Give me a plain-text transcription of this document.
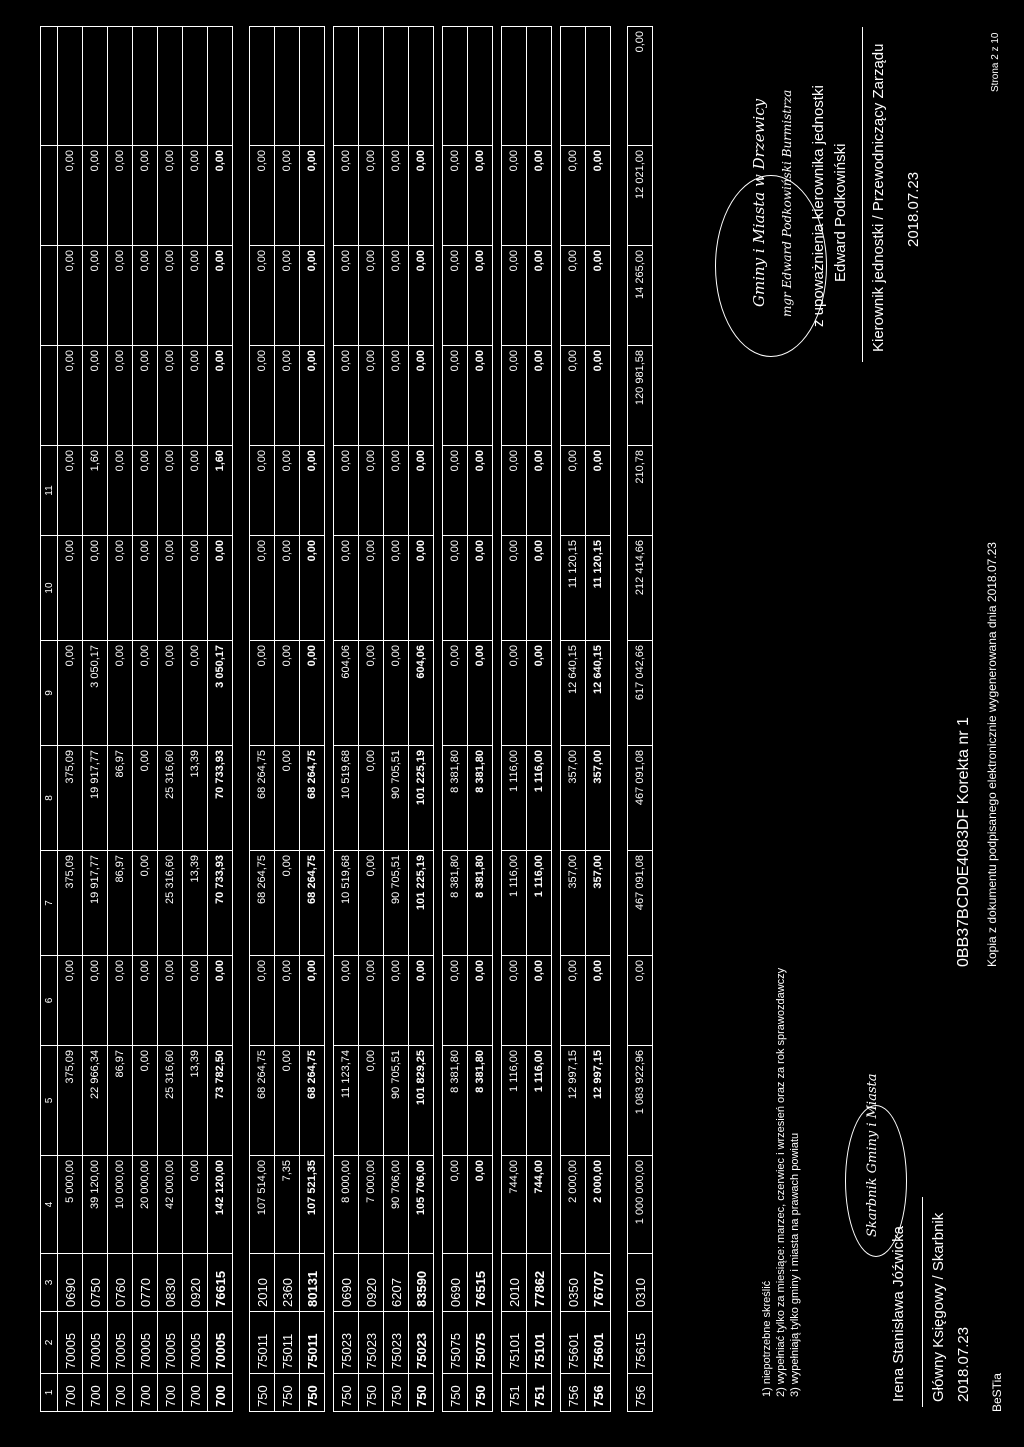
1	2	3	4	5	6	7	8	9	10	11				
700	70005	0690	5 000,00	375,09	0,00	375,09	375,09	0,00	0,00	0,00	0,00	0,00	0,00	
700	70005	0750	39 120,00	22 966,34	0,00	19 917,77	19 917,77	3 050,17	0,00	1,60	0,00	0,00	0,00	
700	70005	0760	10 000,00	86,97	0,00	86,97	86,97	0,00	0,00	0,00	0,00	0,00	0,00	
700	70005	0770	20 000,00	0,00	0,00	0,00	0,00	0,00	0,00	0,00	0,00	0,00	0,00	
700	70005	0830	42 000,00	25 316,60	0,00	25 316,60	25 316,60	0,00	0,00	0,00	0,00	0,00	0,00	
700	70005	0920	0,00	13,39	0,00	13,39	13,39	0,00	0,00	0,00	0,00	0,00	0,00	
700	70005	76615	142 120,00	73 782,50	0,00	70 733,93	70 733,93	3 050,17	0,00	1,60	0,00	0,00	0,00	

750	75011	2010	107 514,00	68 264,75	0,00	68 264,75	68 264,75	0,00	0,00	0,00	0,00	0,00	0,00	
750	75011	2360	7,35	0,00	0,00	0,00	0,00	0,00	0,00	0,00	0,00	0,00	0,00	
750	75011	80131	107 521,35	68 264,75	0,00	68 264,75	68 264,75	0,00	0,00	0,00	0,00	0,00	0,00	

750	75023	0690	8 000,00	11 123,74	0,00	10 519,68	10 519,68	604,06	0,00	0,00	0,00	0,00	0,00	
750	75023	0920	7 000,00	0,00	0,00	0,00	0,00	0,00	0,00	0,00	0,00	0,00	0,00	
750	75023	6207	90 706,00	90 705,51	0,00	90 705,51	90 705,51	0,00	0,00	0,00	0,00	0,00	0,00	
750	75023	83590	105 706,00	101 829,25	0,00	101 225,19	101 225,19	604,06	0,00	0,00	0,00	0,00	0,00	

750	75075	0690	0,00	8 381,80	0,00	8 381,80	8 381,80	0,00	0,00	0,00	0,00	0,00	0,00	
750	75075	76515	0,00	8 381,80	0,00	8 381,80	8 381,80	0,00	0,00	0,00	0,00	0,00	0,00	

751	75101	2010	744,00	1 116,00	0,00	1 116,00	1 116,00	0,00	0,00	0,00	0,00	0,00	0,00	
751	75101	77862	744,00	1 116,00	0,00	1 116,00	1 116,00	0,00	0,00	0,00	0,00	0,00	0,00	

756	75601	0350	2 000,00	12 997,15	0,00	357,00	357,00	12 640,15	11 120,15	0,00	0,00	0,00	0,00	
756	75601	76707	2 000,00	12 997,15	0,00	357,00	357,00	12 640,15	11 120,15	0,00	0,00	0,00	0,00	

756	75615	0310	1 000 000,00	1 083 922,96	0,00	467 091,08	467 091,08	617 042,66	212 414,66	210,78	120 981,58	14 265,00	12 021,00	0,00
1) niepotrzebne skreślić 2) wypełniać tylko za miesiące: marzec, czerwiec i wrzesień oraz za rok sprawozdawczy 3) wypełniają tylko gminy i miasta na prawach powiatu	Skarbnik Gminy i Miasta
Irena Stanisława Jóźwicka Główny Księgowy / Skarbnik 2018.07.23
0BB37BCD0E4083DF Korekta nr 1 Kopia z dokumentu podpisanego elektronicznie wygenerowana dnia 2018.07.23
Gminy i Miasta w Drzewicy mgr Edward Podkowiński Burmistrza z upoważnienia kierownika jednostki Edward Podkowiński Kierownik jednostki / Przewodniczący Zarządu 2018.07.23
BeSTia
Strona 2 z 10
